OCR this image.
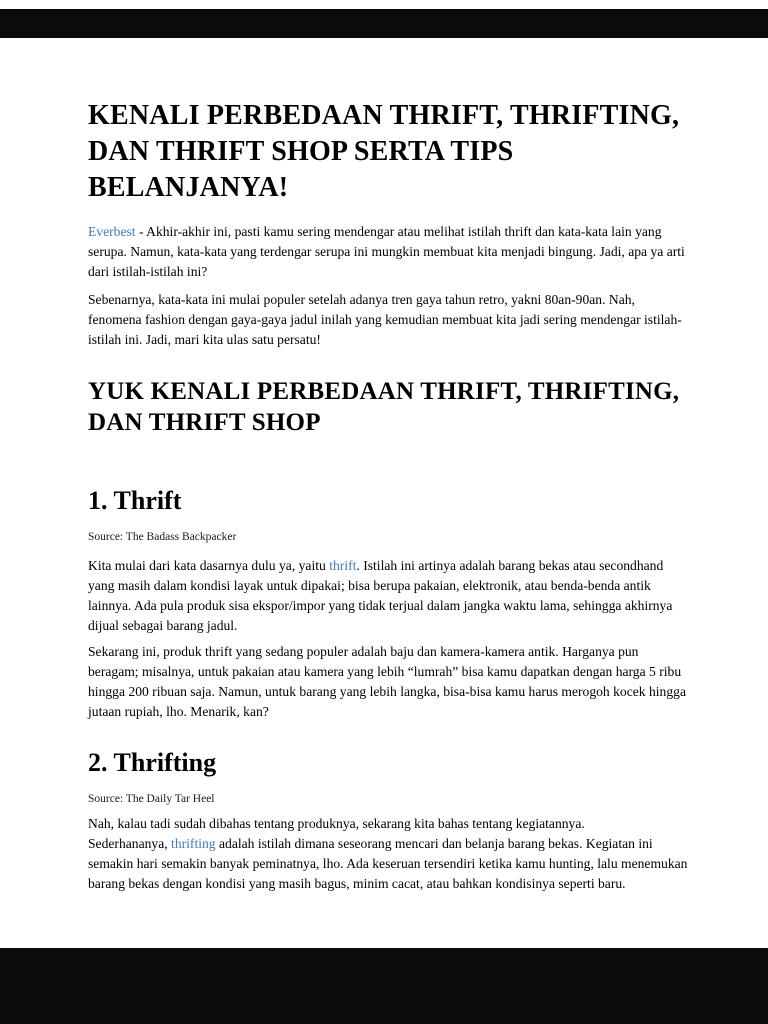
KENALI PERBEDAAN THRIFT, THRIFTING, DAN THRIFT SHOP SERTA TIPS BELANJANYA!

Everbest - Akhir-akhir ini, pasti kamu sering mendengar atau melihat istilah thrift dan kata-kata lain yang serupa. Namun, kata-kata yang terdengar serupa ini mungkin membuat kita menjadi bingung. Jadi, apa ya arti dari istilah-istilah ini?

Sebenarnya, kata-kata ini mulai populer setelah adanya tren gaya tahun retro, yakni 80an-90an. Nah, fenomena fashion dengan gaya-gaya jadul inilah yang kemudian membuat kita jadi sering mendengar istilah-istilah ini. Jadi, mari kita ulas satu persatu!

YUK KENALI PERBEDAAN THRIFT, THRIFTING, DAN THRIFT SHOP
1. Thrift
Source: The Badass Backpacker

Kita mulai dari kata dasarnya dulu ya, yaitu thrift. Istilah ini artinya adalah barang bekas atau secondhand yang masih dalam kondisi layak untuk dipakai; bisa berupa pakaian, elektronik, atau benda-benda antik lainnya. Ada pula produk sisa ekspor/impor yang tidak terjual dalam jangka waktu lama, sehingga akhirnya dijual sebagai barang jadul.

Sekarang ini, produk thrift yang sedang populer adalah baju dan kamera-kamera antik. Harganya pun beragam; misalnya, untuk pakaian atau kamera yang lebih “lumrah” bisa kamu dapatkan dengan harga 5 ribu hingga 200 ribuan saja. Namun, untuk barang yang lebih langka, bisa-bisa kamu harus merogoh kocek hingga jutaan rupiah, lho. Menarik, kan?

2. Thrifting
Source: The Daily Tar Heel

Nah, kalau tadi sudah dibahas tentang produknya, sekarang kita bahas tentang kegiatannya.
Sederhananya, thrifting adalah istilah dimana seseorang mencari dan belanja barang bekas. Kegiatan ini semakin hari semakin banyak peminatnya, lho. Ada keseruan tersendiri ketika kamu hunting, lalu menemukan barang bekas dengan kondisi yang masih bagus, minim cacat, atau bahkan kondisinya seperti baru.
